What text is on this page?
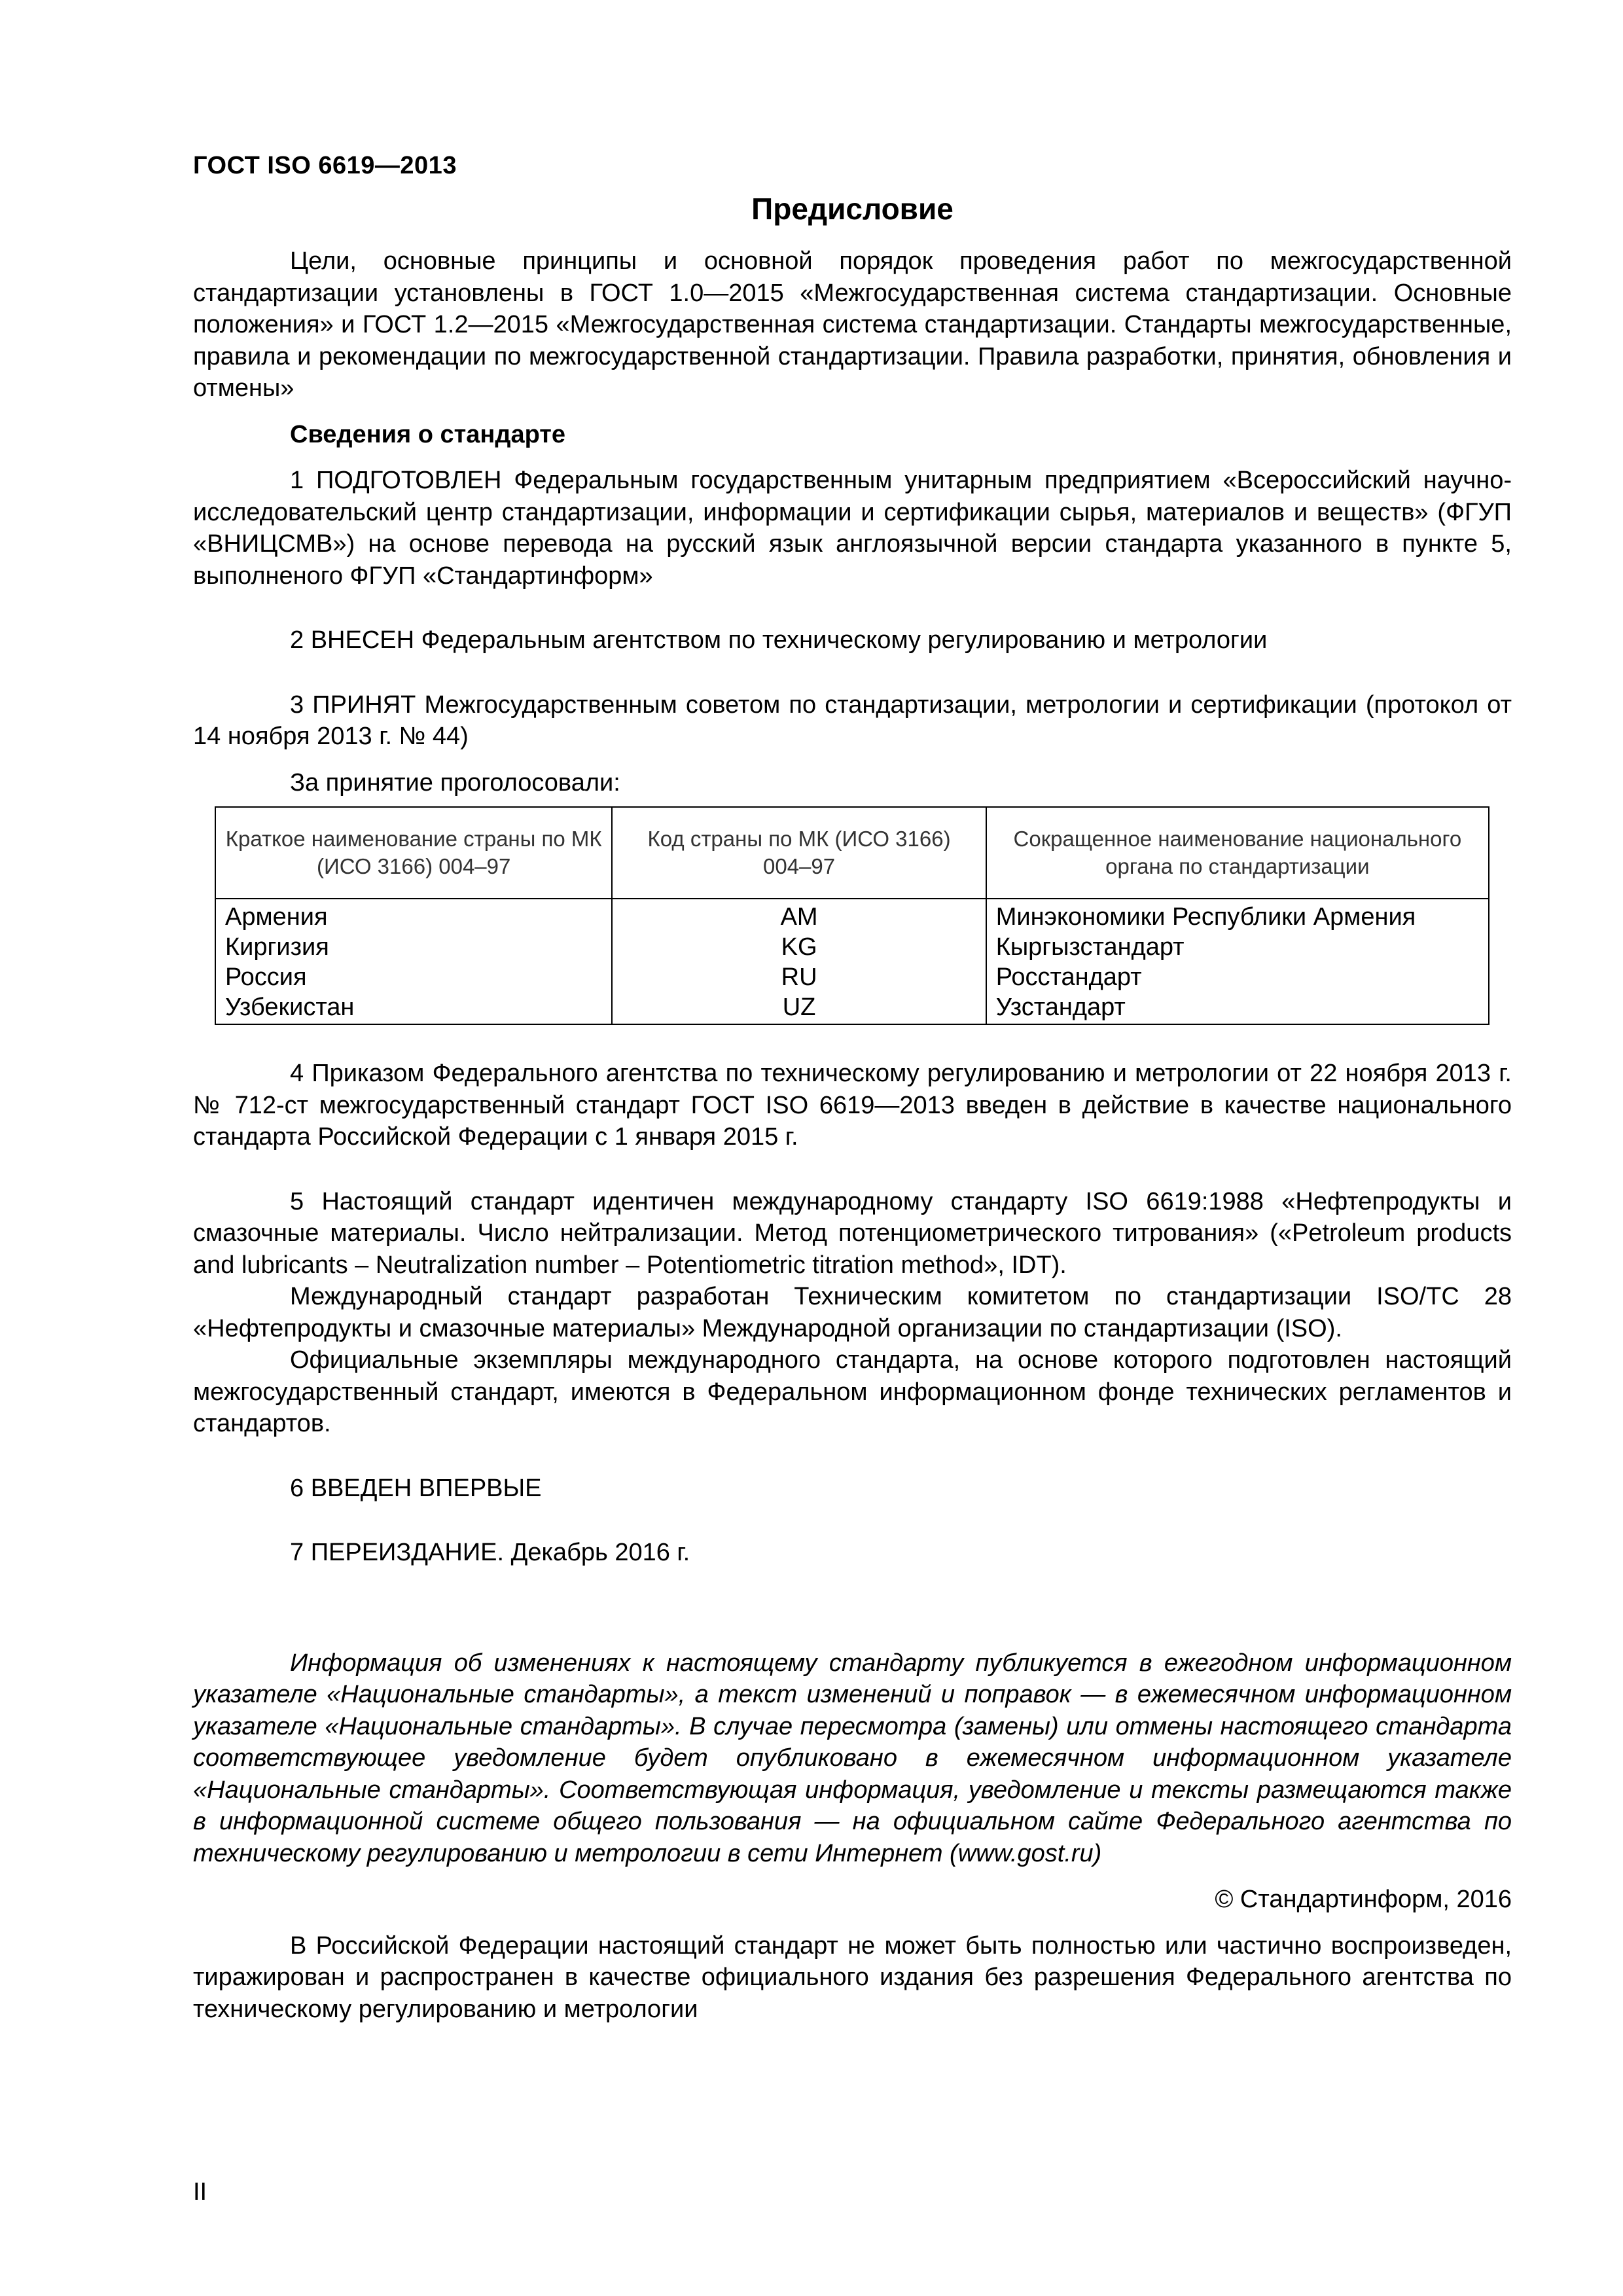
ГОСТ ISO 6619—2013
Предисловие

Цели, основные принципы и основной порядок проведения работ по межгосударственной стандартизации установлены в ГОСТ 1.0—2015 «Межгосударственная система стандартизации. Основные положения» и ГОСТ 1.2—2015 «Межгосударственная система стандартизации. Стандарты межгосударственные, правила и рекомендации по межгосударственной стандартизации. Правила разработки, принятия, обновления и отмены»

Сведения о стандарте

1 ПОДГОТОВЛЕН Федеральным государственным унитарным предприятием «Всероссийский научно-исследовательский центр стандартизации, информации и сертификации сырья, материалов и веществ» (ФГУП «ВНИЦСМВ») на основе перевода на русский язык англоязычной версии стандарта указанного в пункте 5, выполненого ФГУП «Стандартинформ»

2 ВНЕСЕН Федеральным агентством по техническому регулированию и метрологии

3 ПРИНЯТ Межгосударственным советом по стандартизации, метрологии и сертификации (протокол от 14 ноября 2013 г. № 44)

За принятие проголосовали:

Краткое наименование страны по МК (ИСО 3166) 004–97	Код страны по МК (ИСО 3166) 004–97	Сокращенное наименование национального органа по стандартизации
Армения	AM	Минэкономики Республики Армения
Киргизия	KG	Кыргызстандарт
Россия	RU	Росстандарт
Узбекистан	UZ	Узстандарт

4 Приказом Федерального агентства по техническому регулированию и метрологии от 22 ноября 2013 г. № 712-ст межгосударственный стандарт ГОСТ ISO 6619—2013 введен в действие в качестве национального стандарта Российской Федерации с 1 января 2015 г.

5 Настоящий стандарт идентичен международному стандарту ISO 6619:1988 «Нефтепродукты и смазочные материалы. Число нейтрализации. Метод потенциометрического титрования» («Petroleum products and lubricants – Neutralization number – Potentiometric titration method», IDT).

Международный стандарт разработан Техническим комитетом по стандартизации ISO/TC 28 «Нефтепродукты и смазочные материалы» Международной организации по стандартизации (ISO).

Официальные экземпляры международного стандарта, на основе которого подготовлен настоящий межгосударственный стандарт, имеются в Федеральном информационном фонде технических регламентов и стандартов.

6 ВВЕДЕН ВПЕРВЫЕ

7 ПЕРЕИЗДАНИЕ. Декабрь 2016 г.

Информация об изменениях к настоящему стандарту публикуется в ежегодном информационном указателе «Национальные стандарты», а текст изменений и поправок — в ежемесячном информационном указателе «Национальные стандарты». В случае пересмотра (замены) или отмены настоящего стандарта соответствующее уведомление будет опубликовано в ежемесячном информационном указателе «Национальные стандарты». Соответствующая информация, уведомление и тексты размещаются также в информационной системе общего пользования — на официальном сайте Федерального агентства по техническому регулированию и метрологии в сети Интернет (www.gost.ru)

© Стандартинформ, 2016

В Российской Федерации настоящий стандарт не может быть полностью или частично воспроизведен, тиражирован и распространен в качестве официального издания без разрешения Федерального агентства по техническому регулированию и метрологии

II
